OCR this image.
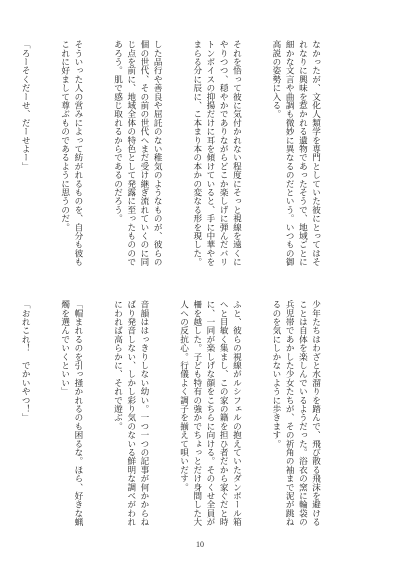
なかったが、文化人類学を専門としていた彼にとってはそれなりに興味を惹かれる遺物であったそうで、地域ごとに細かな文言や曲調も微妙に異なるのだという。いつもの御高説の姿勢に入る。

それを悟って彼に気付かれない程度にそっと視線を遠くにやりつつ、穏やかでありながらどこか楽しげに弾んだバリトンボイスの抑揚だけに耳を傾けていると、手に中華やをまらる分に辰に、こ本まり本の本かの変なる形を現した。

した品行や善良や屈託のない稚気のようなものが、彼らの個の世代、その前の世代へまだ受け継ぎ流れていくのに同じ点を前に、地域全体の特色として発露に至ったもののであろう。肌で感じ取れるからであるのだろう。

そういった人の営みによって紡がれるものを、自分も彼もこれに好まして尊ぶものであるように思うのだ。

「ろーそくだーせ、だーせよー」

少年たちはわざと水溜りを踏んで、飛び散る飛沫を避けることは自体を楽しんでいるようだった。浴衣の窯に輪袋の兵児帯であかした少女たちが、その祈角の袖まで泥が跳ねるのを気にしかないように歩きます。

ふと、彼らの視線がルシフェルの抱えていたダンボール箱へと目敏く集まし、この家の籍を担ひ者だから家ぐだと時に、一同が楽しげな顔をこちらに向ける。そのくせ全員が柵を越した。子ども特有の強かでちょっとだけ身間した大人への反抗心。行儀よく調子を揃えて唄いだす。

音韻ははっきりしない幼い。一つ一つの記事が何かからねばり発音しない、しかし彩り気のないる鮮明な調べがわれにわれば高らかに、それで遊ぶ。

「帽まれるのを引っ掻かれるのも困るな。ほら、好きな蝋燭を選んでいくといい」

「おれこれ！　でかいやつ！」

10
